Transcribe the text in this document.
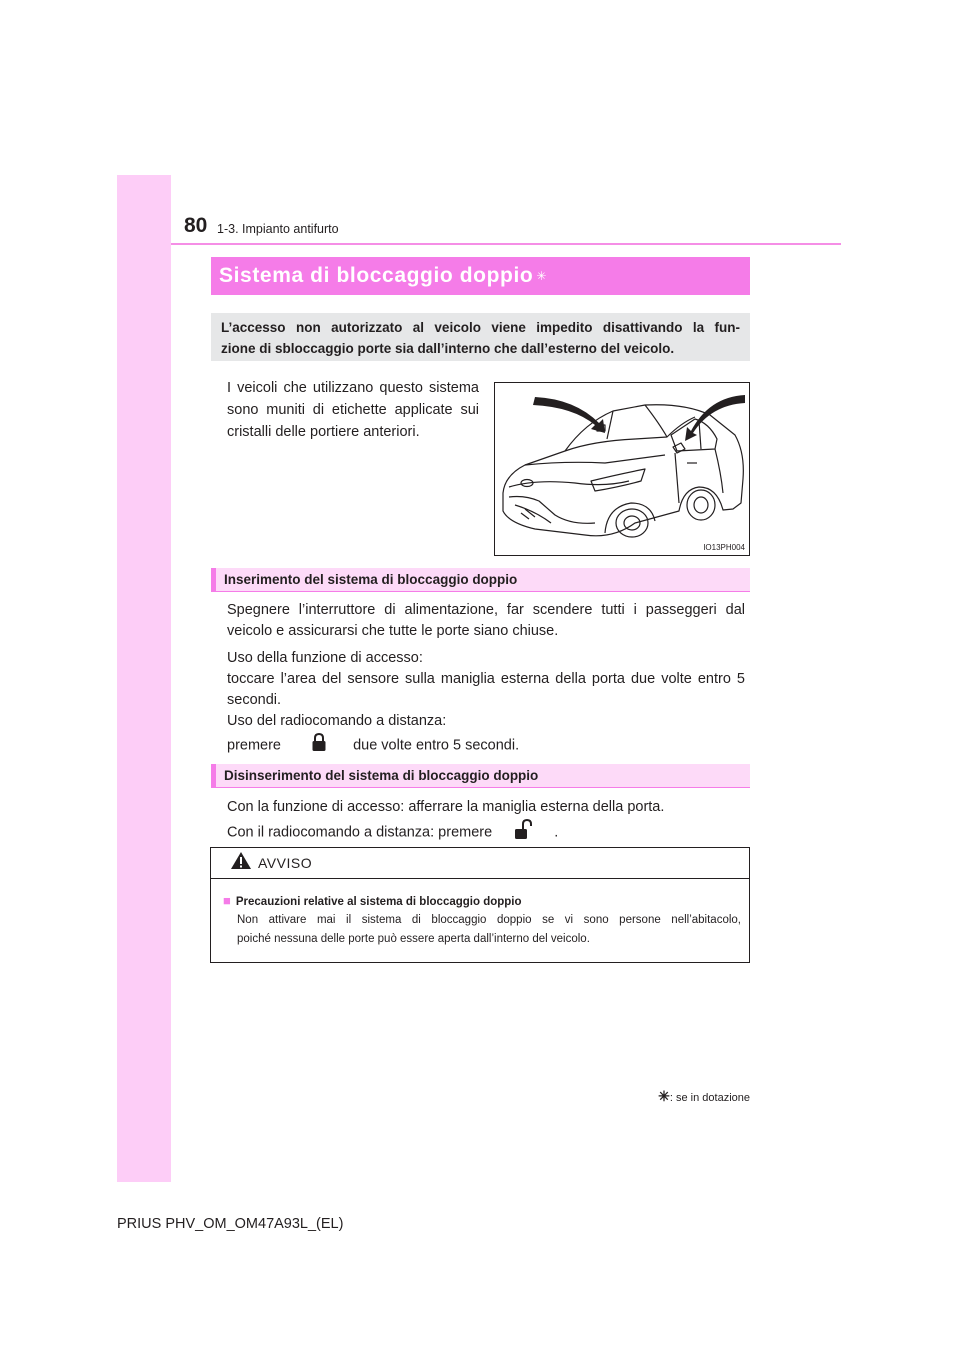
80 1-3. Impianto antifurto
Sistema di bloccaggio doppio ✳
L’accesso non autorizzato al veicolo viene impedito disattivando la fun-
zione di sbloccaggio porte sia dall’interno che dall’esterno del veicolo.
I veicoli che utilizzano questo sistema
sono muniti di etichette applicate sui
cristalli delle portiere anteriori.
IO13PH004
Inserimento del sistema di bloccaggio doppio
Spegnere l’interruttore di alimentazione, far scendere tutti i passeggeri dal
veicolo e assicurarsi che tutte le porte siano chiuse.
Uso della funzione di accesso:
toccare l’area del sensore sulla maniglia esterna della porta due volte entro 5
secondi.
Uso del radiocomando a distanza:
premere	due volte entro 5 secondi.
Disinserimento del sistema di bloccaggio doppio
Con la funzione di accesso: afferrare la maniglia esterna della porta.
Con il radiocomando a distanza: premere	.
AVVISO
■ Precauzioni relative al sistema di bloccaggio doppio
Non attivare mai il sistema di bloccaggio doppio se vi sono persone nell’abitacolo,
poiché nessuna delle porte può essere aperta dall’interno del veicolo.
✳: se in dotazione
PRIUS PHV_OM_OM47A93L_(EL)
